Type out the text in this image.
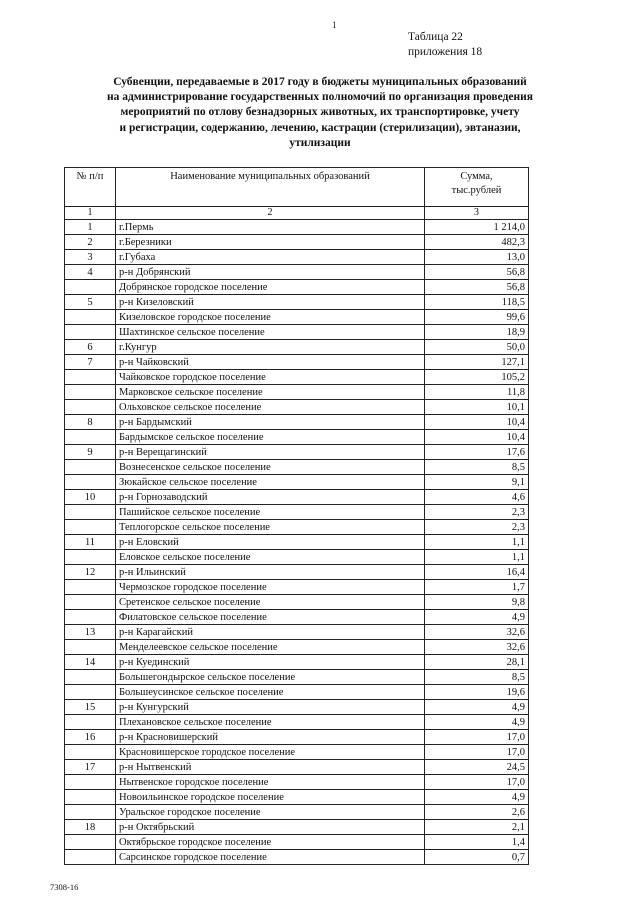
1
Таблица 22
приложения 18
Субвенции, передаваемые в 2017 году в бюджеты муниципальных образований
на администрирование государственных полномочий по организация проведения
мероприятий по отлову безнадзорных животных, их транспортировке, учету
и регистрации, содержанию, лечению, кастрации (стерилизации), эвтаназии,
утилизации
№ п/п	Наименование муниципальных образований	Сумма,
тыс.рублей

1	2	3
1	г.Пермь	1 214,0
2	г.Березники	482,3
3	г.Губаха	13,0
4	р-н Добрянский	56,8
	Добрянское городское поселение	56,8
5	р-н Кизеловский	118,5
	Кизеловское городское поселение	99,6
	Шахтинское сельское поселение	18,9
6	г.Кунгур	50,0
7	р-н Чайковский	127,1
	Чайковское городское поселение	105,2
	Марковское сельское поселение	11,8
	Ольховское сельское поселение	10,1
8	р-н Бардымский	10,4
	Бардымское сельское поселение	10,4
9	р-н Верещагинский	17,6
	Вознесенское сельское поселение	8,5
	Зюкайское сельское поселение	9,1
10	р-н Горнозаводский	4,6
	Пашийское сельское поселение	2,3
	Теплогорское сельское поселение	2,3
11	р-н Еловский	1,1
	Еловское сельское поселение	1,1
12	р-н Ильинский	16,4
	Чермозское городское поселение	1,7
	Сретенское сельское поселение	9,8
	Филатовское сельское поселение	4,9
13	р-н Карагайский	32,6
	Менделеевское сельское поселение	32,6
14	р-н Куединский	28,1
	Большегондырское сельское поселение	8,5
	Большеусинское сельское поселение	19,6
15	р-н Кунгурский	4,9
	Плехановское сельское поселение	4,9
16	р-н Красновишерский	17,0
	Красновишерское городское поселение	17,0
17	р-н Нытвенский	24,5
	Нытвенское городское поселение	17,0
	Новоильинское городское поселение	4,9
	Уральское городское поселение	2,6
18	р-н Октябрьский	2,1
	Октябрьское городское поселение	1,4
	Сарсинское городское поселение	0,7
7308-16
